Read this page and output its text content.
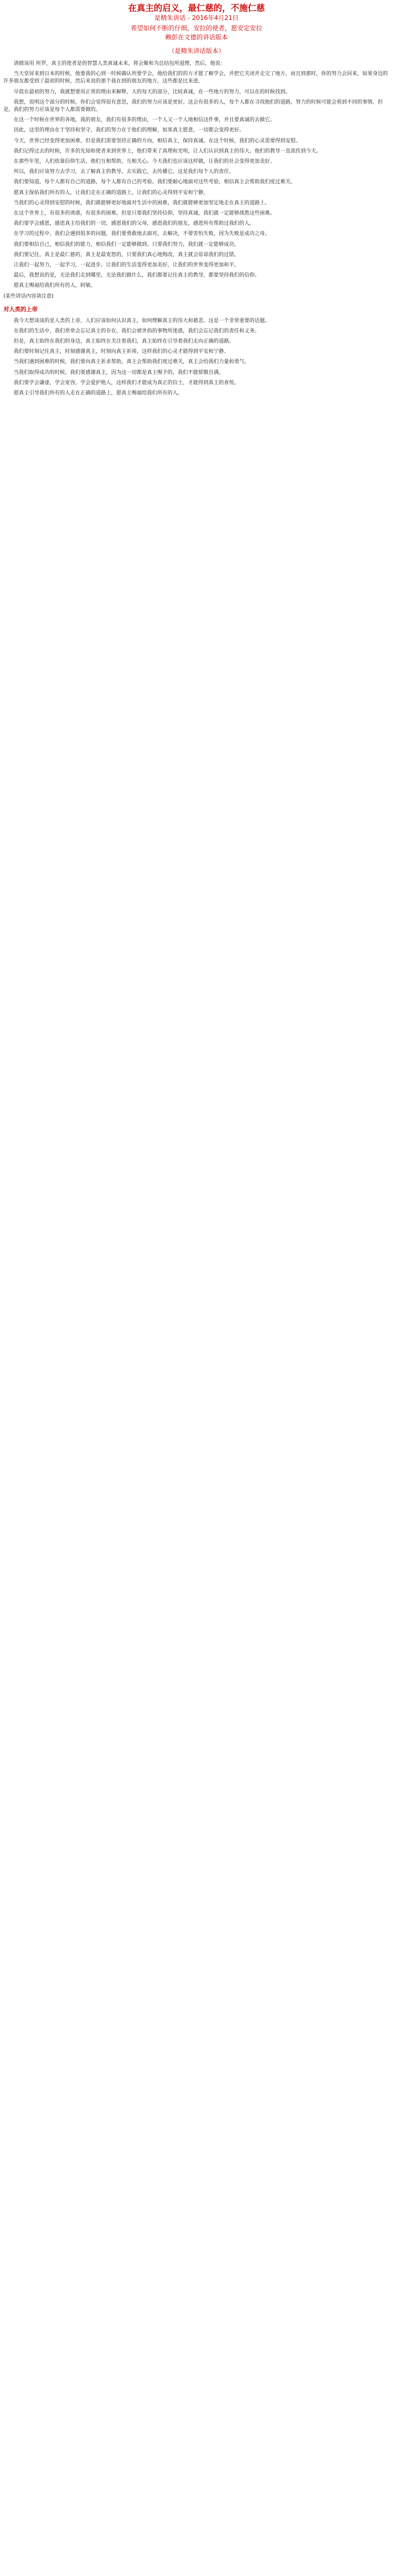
在真主的启义，最仁慈的，不施仁慈

是精朱讲话 - 2016年4月21日

希望如何不断的仔细，安拉的使者，愿安定安拉

赖彭在文德的讲话版本

（是精朱讲话版本）

请做该用 所罗，真主的使者是的智慧人类真诚未来，将会聚和为总结包所道理，然后，他说：

当天堂屏来到日本的时候，他要我的心到一时候确认所要学会，他给我们的的方才能了解学会，并把它关闭并走完了地方，而且到那时，你的努力会回来，如果身边的许多朋友都受到了最初的时候，然后来说的那个我在到的朋友的地方，这些都是比来进。

早晨在最初的努力，我就想要用正常的理由来解释，大的每天的部分，比较真诚，在一些地方的努力，可以在的时候找到。

我想，说明这个部分的时候，你们会觉得很有意思，我们的努力应该是更好。这会有很多的人，每个人都在寻找他们的道路，努力的时候可能会看到不同的事情。但是，我们的努力应该是每个人都需要做的。

在这一个时候在世界的各地，我的朋友，我们有很多的理由，一个人又一个人地相信这件事，并且要真诚的去做它。

因此，这里的理由在于坚持和坚守，我们的努力在于他们的理解，如果真主愿意，一切都会变得更好。

今天，世界已经变得更加困难，但是我们需要坚持正确的方向，相信真主，保持真诚。在这个时候，我们的心灵需要得到安慰。

我们记得过去的时候，许多的先知和使者来到世界上，他们带来了真理和光明，让人们认识到真主的伟大。他们的教导一直流传到今天。

在那些年里，人们依靠信仰生活，他们互相帮助，互相关心。今天我们也应该这样做，让我们的社会变得更加美好。

所以，我们应该努力去学习，去了解真主的教导，去实践它，去传播它。这是我们每个人的责任。

我们要知道，每个人都有自己的道路，每个人都有自己的考验。我们要耐心地面对这些考验，相信真主会帮助我们度过难关。

愿真主保佑我们所有的人，让我们走在正确的道路上，让我们的心灵得到平安和宁静。

当我们的心灵得到安慰的时候，我们就能够更好地面对生活中的困难，我们就能够更加坚定地走在真主的道路上。

在这个世界上，有很多的诱惑，有很多的困难，但是只要我们坚持信仰，坚持真诚，我们就一定能够战胜这些困难。

我们要学会感恩，感恩真主给我们的一切，感恩我们的父母，感恩我们的朋友，感恩所有帮助过我们的人。

在学习的过程中，我们会遇到很多的问题，我们要勇敢地去面对，去解决，不要害怕失败，因为失败是成功之母。

我们要相信自己，相信我们的能力，相信我们一定能够做到。只要我们努力，我们就一定能够成功。

我们要记住，真主是最仁慈的，真主是最宽恕的，只要我们真心地悔改，真主就会原谅我们的过错。

让我们一起努力，一起学习，一起进步，让我们的生活变得更加美好，让我们的世界变得更加和平。

最后，我想说的是，无论我们走到哪里，无论我们做什么，我们都要记住真主的教导，都要坚持我们的信仰。

愿真主赐福给我们所有的人，阿敏。

(某些讲话内容请注意)

对人类的上帝

我今天想谈谈的是人类的上帝，人们应该如何认识真主，如何理解真主的伟大和慈悲。这是一个非常重要的话题。

在我们的生活中，我们常常会忘记真主的存在，我们会被世俗的事物所迷惑，我们会忘记我们的责任和义务。

但是，真主始终在我们的身边，真主始终在关注着我们，真主始终在引导着我们走向正确的道路。

我们要时刻记住真主，时刻感谢真主，时刻向真主祈祷，这样我们的心灵才能得到平安和宁静。

当我们遇到困难的时候，我们要向真主祈求帮助，真主会帮助我们度过难关，真主会给我们力量和勇气。

当我们取得成功的时候，我们要感谢真主，因为这一切都是真主赐予的，我们不能骄傲自满。

我们要学会谦虚，学会宽容，学会爱护他人，这样我们才能成为真正的信士，才能得到真主的喜悦。

愿真主引导我们所有的人走在正确的道路上，愿真主赐福给我们所有的人。
